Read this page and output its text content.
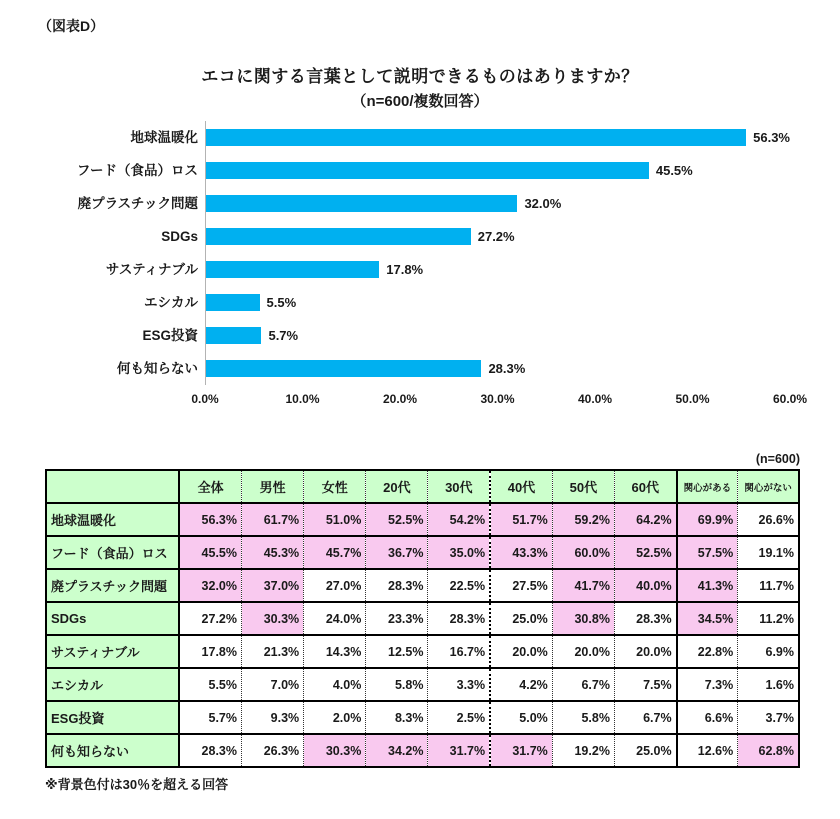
（図表D）
エコに関する言葉として説明できるものはありますか？
（n=600/複数回答）
地球温暖化
フード（食品）ロス
廃プラスチック問題
SDGs
サスティナブル
エシカル
ESG投資
何も知らない
56.3%
45.5%
32.0%
27.2%
17.8%
5.5%
5.7%
28.3%
0.0%	10.0%	20.0%	30.0%	40.0%	50.0%	60.0%
(n=600)
	全体	男性	女性	20代	30代	40代	50代	60代	関心がある	関心がない
地球温暖化	56.3%	61.7%	51.0%	52.5%	54.2%	51.7%	59.2%	64.2%	69.9%	26.6%
フード（食品）ロス	45.5%	45.3%	45.7%	36.7%	35.0%	43.3%	60.0%	52.5%	57.5%	19.1%
廃プラスチック問題	32.0%	37.0%	27.0%	28.3%	22.5%	27.5%	41.7%	40.0%	41.3%	11.7%
SDGs	27.2%	30.3%	24.0%	23.3%	28.3%	25.0%	30.8%	28.3%	34.5%	11.2%
サスティナブル	17.8%	21.3%	14.3%	12.5%	16.7%	20.0%	20.0%	20.0%	22.8%	6.9%
エシカル	5.5%	7.0%	4.0%	5.8%	3.3%	4.2%	6.7%	7.5%	7.3%	1.6%
ESG投資	5.7%	9.3%	2.0%	8.3%	2.5%	5.0%	5.8%	6.7%	6.6%	3.7%
何も知らない	28.3%	26.3%	30.3%	34.2%	31.7%	31.7%	19.2%	25.0%	12.6%	62.8%
※背景色付は30％を超える回答
